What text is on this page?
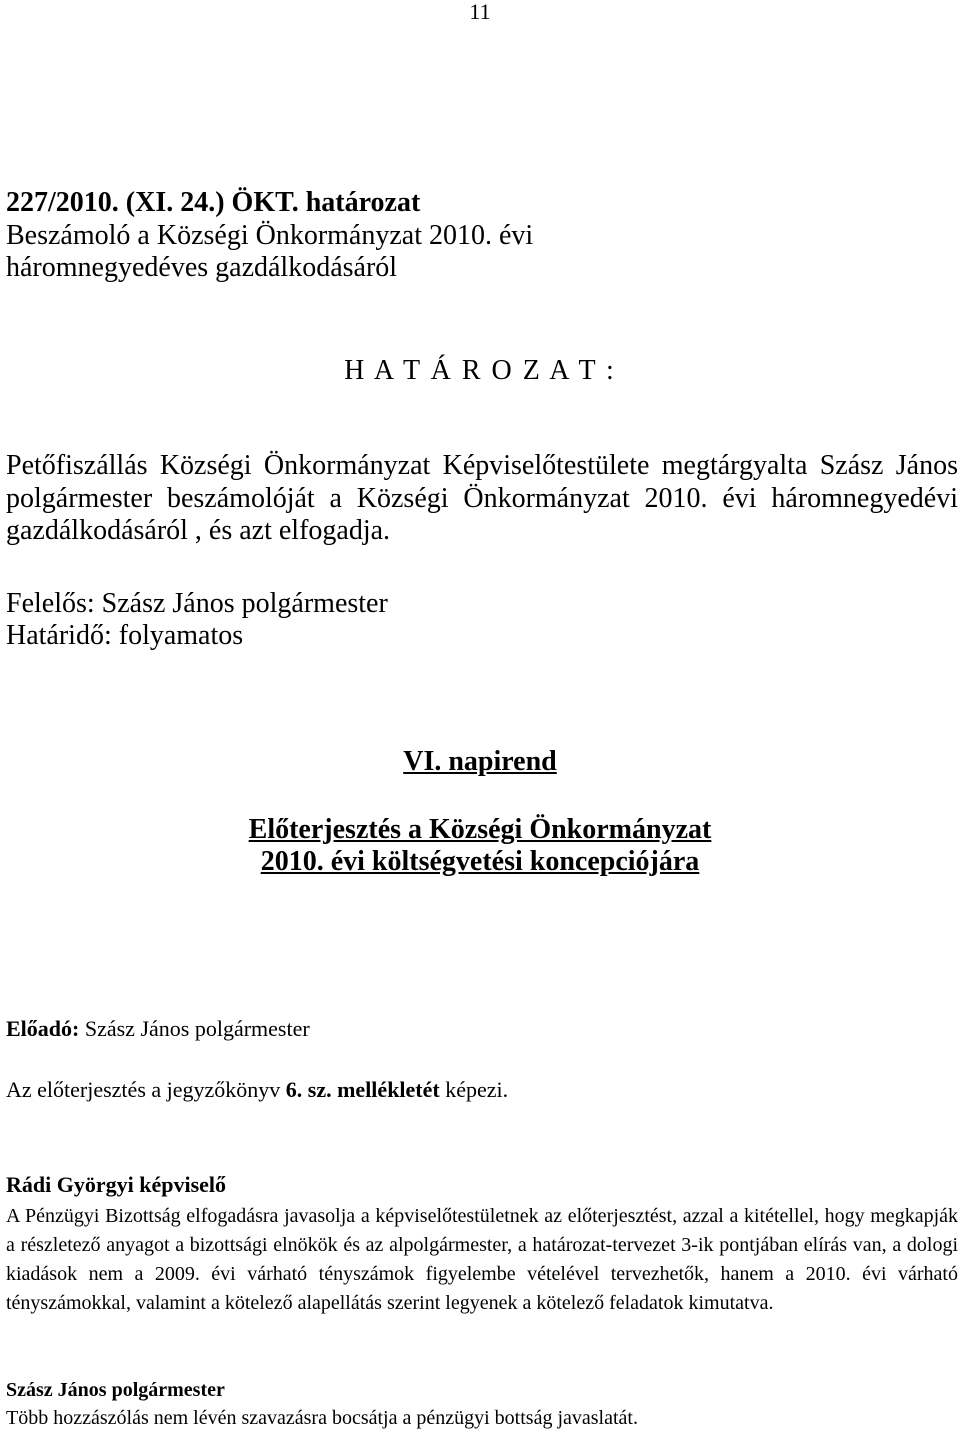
11
227/2010. (XI. 24.) ÖKT. határozat
Beszámoló a Községi Önkormányzat 2010. évi
háromnegyedéves gazdálkodásáról
H A T Á R O Z A T :
Petőfiszállás Községi Önkormányzat Képviselőtestülete megtárgyalta Szász János polgármester beszámolóját a Községi Önkormányzat 2010. évi háromnegyedévi gazdálkodásáról , és azt elfogadja.
Felelős: Szász János polgármester
Határidő: folyamatos
VI. napirend
Előterjesztés a Községi Önkormányzat
2010. évi költségvetési koncepciójára
Előadó: Szász János polgármester
Az előterjesztés a jegyzőkönyv 6. sz. mellékletét képezi.
Rádi Györgyi képviselő
A Pénzügyi Bizottság elfogadásra javasolja a képviselőtestületnek az előterjesztést, azzal a kitétellel, hogy megkapják a részletező anyagot a bizottsági elnökök és az alpolgármester, a határozat-tervezet 3-ik pontjában elírás van, a dologi kiadások nem a 2009. évi várható tényszámok figyelembe vételével tervezhetők, hanem a 2010. évi várható tényszámokkal, valamint a kötelező alapellátás szerint legyenek a kötelező feladatok kimutatva.
Szász János polgármester
Több hozzászólás nem lévén szavazásra bocsátja a pénzügyi bottság javaslatát.
